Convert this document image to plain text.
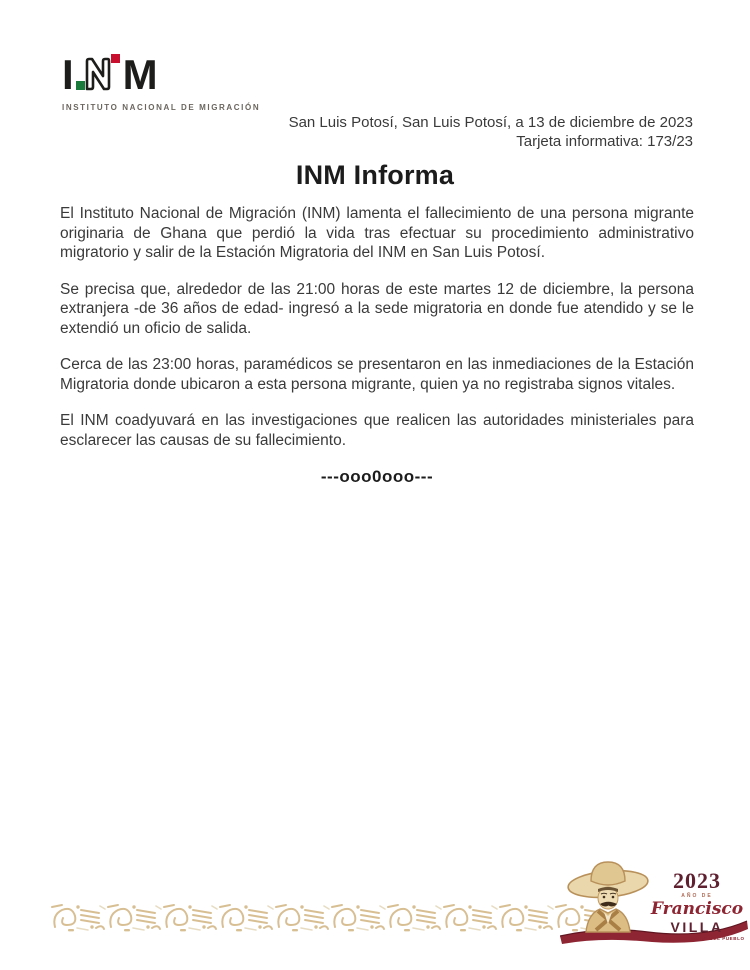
I M
INSTITUTO NACIONAL DE MIGRACIÓN
San Luis Potosí, San Luis Potosí, a 13 de diciembre de 2023
Tarjeta informativa: 173/23
INM Informa

El Instituto Nacional de Migración (INM) lamenta el fallecimiento de una persona migrante originaria de Ghana que perdió la vida tras efectuar su procedimiento administrativo migratorio y salir de la Estación Migratoria del INM en San Luis Potosí.

Se precisa que, alrededor de las 21:00 horas de este martes 12 de diciembre, la persona extranjera -de 36 años de edad- ingresó a la sede migratoria en donde fue atendido y se le extendió un oficio de salida.

Cerca de las 23:00 horas, paramédicos se presentaron en las inmediaciones de la Estación Migratoria donde ubicaron a esta persona migrante, quien ya no registraba signos vitales.

El INM coadyuvará en las investigaciones que realicen las autoridades ministeriales para esclarecer las causas de su fallecimiento.

---ooo0ooo---
2023
AÑO DE
Francisco
VILLA
EL REVOLUCIONARIO DEL PUEBLO
